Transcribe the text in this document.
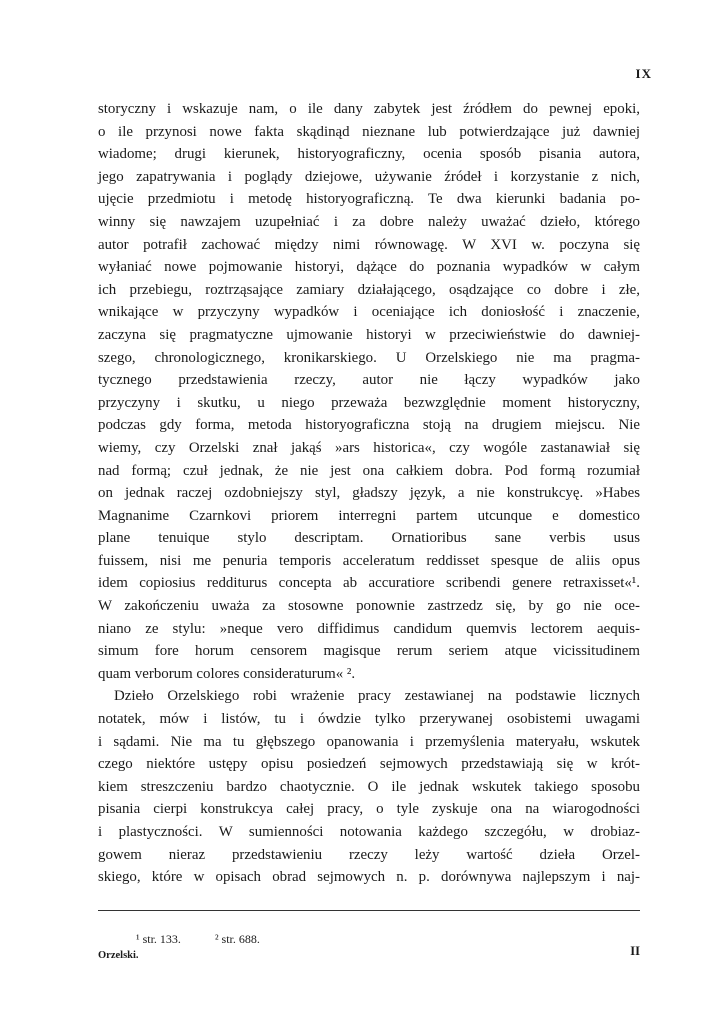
IX
storyczny i wskazuje nam, o ile dany zabytek jest źródłem do pewnej epoki,
o ile przynosi nowe fakta skądinąd nieznane lub potwierdzające już dawniej
wiadome; drugi kierunek, historyograficzny, ocenia sposób pisania autora,
jego zapatrywania i poglądy dziejowe, używanie źródeł i korzystanie z nich,
ujęcie przedmiotu i metodę historyograficzną. Te dwa kierunki badania po-
winny się nawzajem uzupełniać i za dobre należy uważać dzieło, którego
autor potrafił zachować między nimi równowagę. W XVI w. poczyna się
wyłaniać nowe pojmowanie historyi, dążące do poznania wypadków w całym
ich przebiegu, roztrząsające zamiary działającego, osądzające co dobre i złe,
wnikające w przyczyny wypadków i oceniające ich doniosłość i znaczenie,
zaczyna się pragmatyczne ujmowanie historyi w przeciwieństwie do dawniej-
szego, chronologicznego, kronikarskiego. U Orzelskiego nie ma pragma-
tycznego przedstawienia rzeczy, autor nie łączy wypadków jako
przyczyny i skutku, u niego przeważa bezwzględnie moment historyczny,
podczas gdy forma, metoda historyograficzna stoją na drugiem miejscu. Nie
wiemy, czy Orzelski znał jakąś »ars historica«, czy wogóle zastanawiał się
nad formą; czuł jednak, że nie jest ona całkiem dobra. Pod formą rozumiał
on jednak raczej ozdobniejszy styl, gładszy język, a nie konstrukcyę. »Habes
Magnanime Czarnkovi priorem interregni partem utcunque e domestico
plane tenuique stylo descriptam. Ornatioribus sane verbis usus
fuissem, nisi me penuria temporis acceleratum reddisset spesque de aliis opus
idem copiosius redditurus concepta ab accuratiore scribendi genere retraxisset«¹.
W zakończeniu uważa za stosowne ponownie zastrzedz się, by go nie oce-
niano ze stylu: »neque vero diffidimus candidum quemvis lectorem aequis-
simum fore horum censorem magisque rerum seriem atque vicissitudinem
quam verborum colores consideraturum« ².
Dzieło Orzelskiego robi wrażenie pracy zestawianej na podstawie licznych
notatek, mów i listów, tu i ówdzie tylko przerywanej osobistemi uwagami
i sądami. Nie ma tu głębszego opanowania i przemyślenia materyału, wskutek
czego niektóre ustępy opisu posiedzeń sejmowych przedstawiają się w krót-
kiem streszczeniu bardzo chaotycznie. O ile jednak wskutek takiego sposobu
pisania cierpi konstrukcya całej pracy, o tyle zyskuje ona na wiarogodności
i plastyczności. W sumienności notowania każdego szczegółu, w drobiaz-
gowem nieraz przedstawieniu rzeczy leży wartość dzieła Orzel-
skiego, które w opisach obrad sejmowych n. p. dorównywa najlepszym i naj-
¹ str. 133.	² str. 688.
Orzelski.	II
